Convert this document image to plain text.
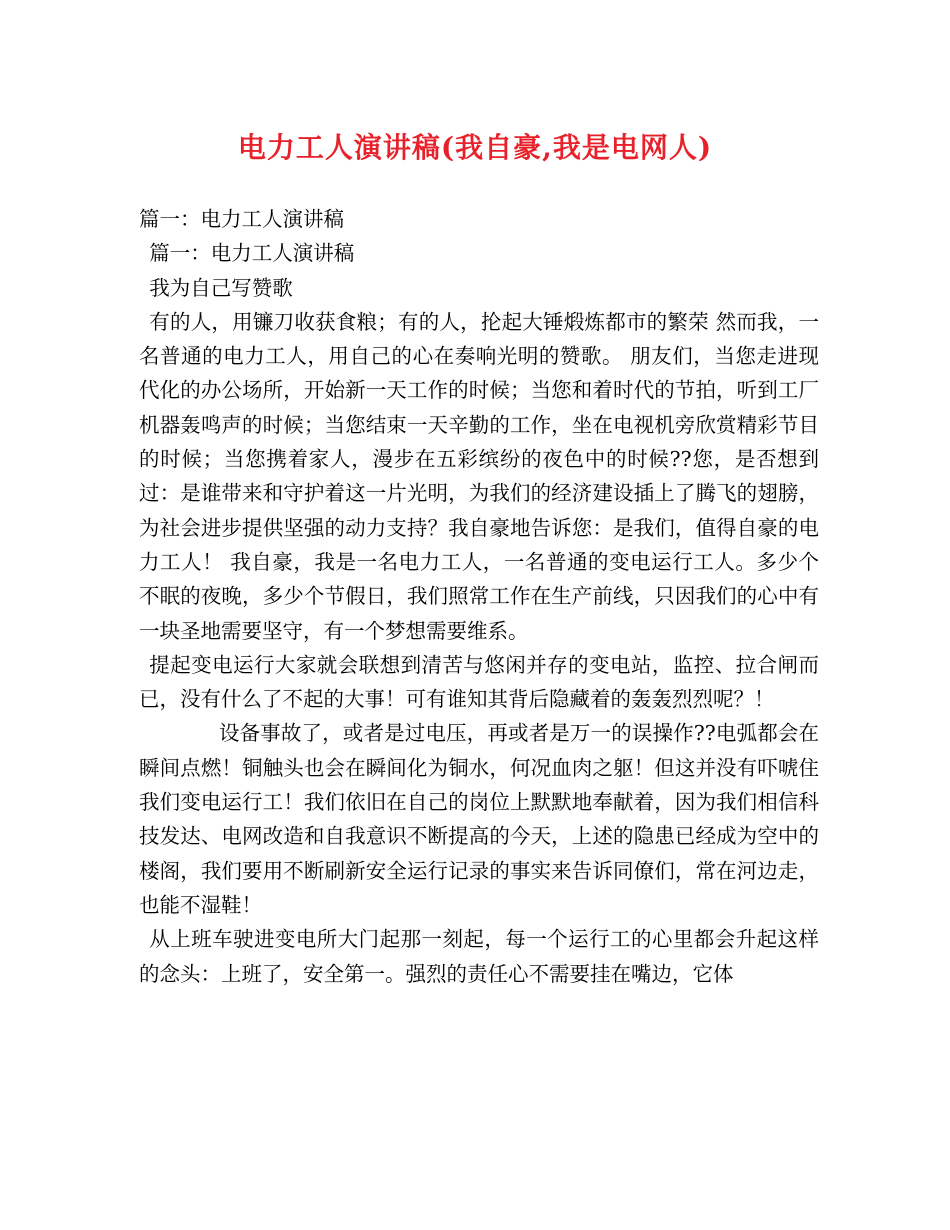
电力工人演讲稿(我自豪,我是电网人)

篇一：电力工人演讲稿

篇一：电力工人演讲稿

我为自己写赞歌

有的人，用镰刀收获食粮；有的人，抡起大锤煅炼都市的繁荣 然而我，一名普通的电力工人，用自己的心在奏响光明的赞歌。 朋友们，当您走进现代化的办公场所，开始新一天工作的时候；当您和着时代的节拍，听到工厂机器轰鸣声的时候；当您结束一天辛勤的工作，坐在电视机旁欣赏精彩节目的时候；当您携着家人，漫步在五彩缤纷的夜色中的时候??您，是否想到过：是谁带来和守护着这一片光明，为我们的经济建设插上了腾飞的翅膀，为社会进步提供坚强的动力支持？我自豪地告诉您：是我们，值得自豪的电力工人！ 我自豪，我是一名电力工人，一名普通的变电运行工人。多少个不眠的夜晚，多少个节假日，我们照常工作在生产前线，只因我们的心中有一块圣地需要坚守，有一个梦想需要维系。

提起变电运行大家就会联想到清苦与悠闲并存的变电站，监控、拉合闸而已，没有什么了不起的大事！可有谁知其背后隐藏着的轰轰烈烈呢？！

设备事故了，或者是过电压，再或者是万一的误操作??电弧都会在瞬间点燃！铜触头也会在瞬间化为铜水，何况血肉之躯！但这并没有吓唬住我们变电运行工！我们依旧在自己的岗位上默默地奉献着，因为我们相信科技发达、电网改造和自我意识不断提高的今天，上述的隐患已经成为空中的楼阁，我们要用不断刷新安全运行记录的事实来告诉同僚们，常在河边走，也能不湿鞋！

从上班车驶进变电所大门起那一刻起，每一个运行工的心里都会升起这样的念头：上班了，安全第一。强烈的责任心不需要挂在嘴边，它体
